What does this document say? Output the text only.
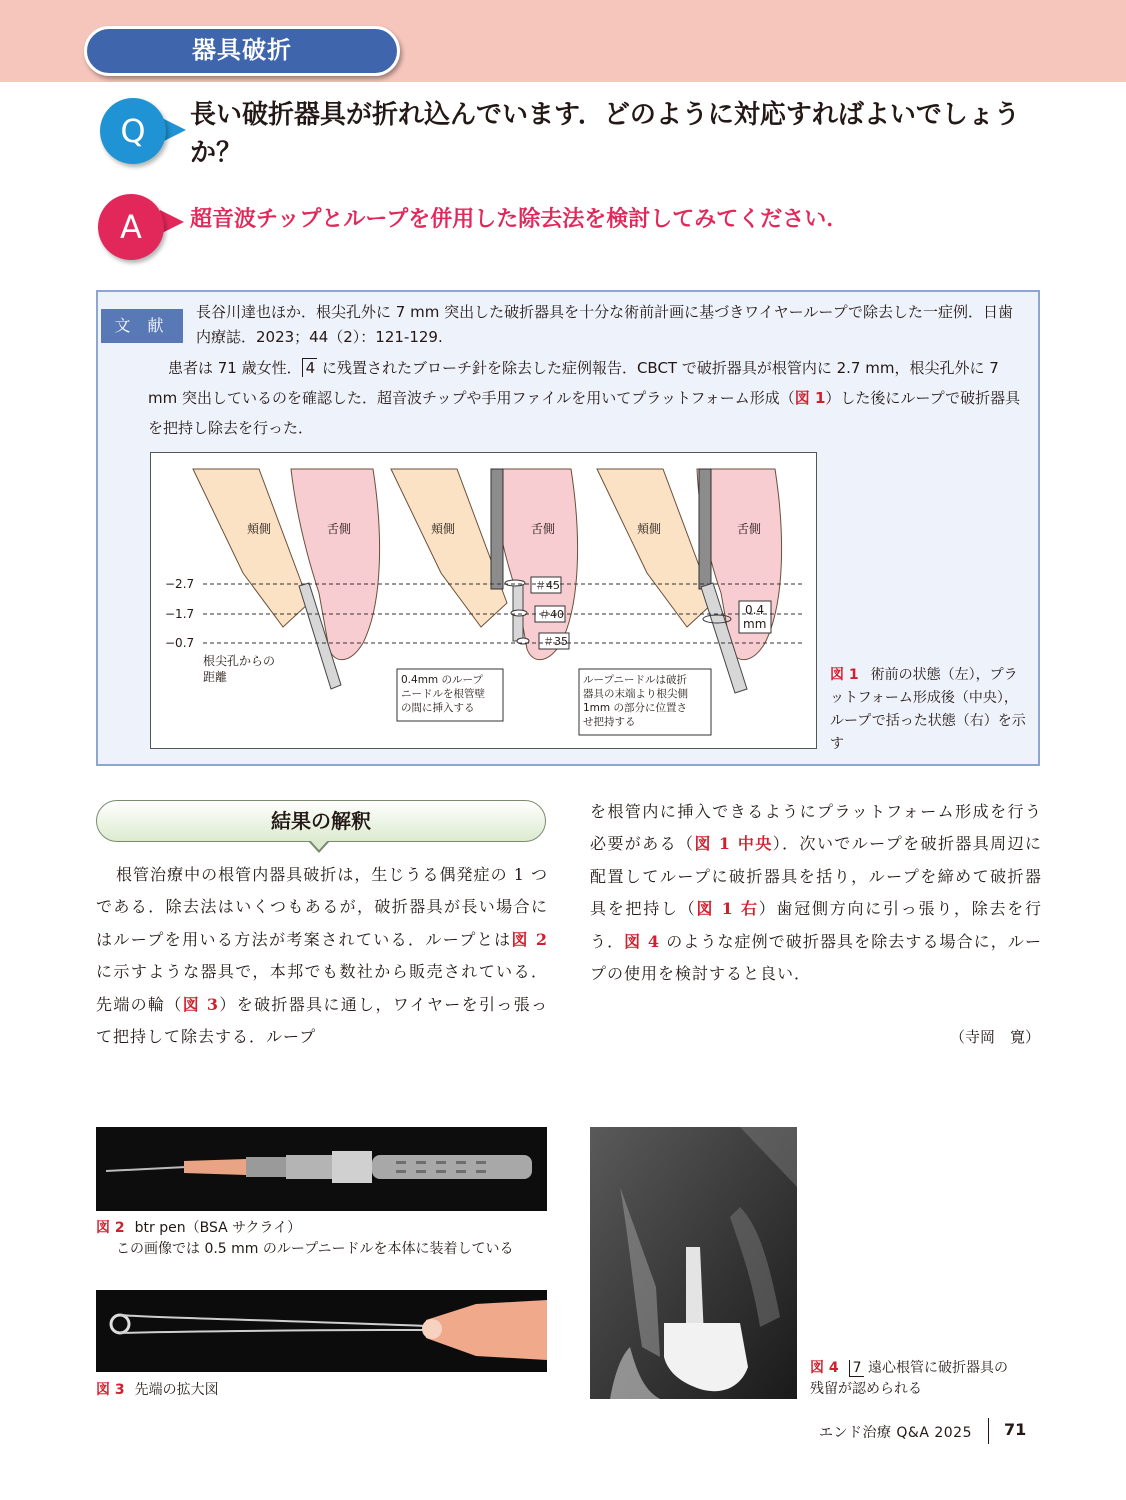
器具破折
Q	長い破折器具が折れ込んでいます．どのように対応すればよいでしょうか？
A	超音波チップとループを併用した除去法を検討してみてください．
文 献
長谷川達也ほか．根尖孔外に 7 mm 突出した破折器具を十分な術前計画に基づきワイヤーループで除去した一症例．日歯内療誌．2023；44（2）：121-129.
患者は 71 歳女性． 4 に残置されたブローチ針を除去した症例報告．CBCT で破折器具が根管内に 2.7 mm，根尖孔外に 7 mm 突出しているのを確認した．超音波チップや手用ファイルを用いてプラットフォーム形成（図 1）した後にループで破折器具を把持し除去を行った．
頬側	舌側	頬側	舌側
＃45
＃40
＃35
頬側	舌側
0.4
mm
−2.7
−1.7
−0.7
根尖孔からの
距離	0.4mm のループ
ニードルを根管壁
の間に挿入する
ループニードルは破折
器具の末端より根尖側
1mm の部分に位置さ
せ把持する
図 1 術前の状態（左），プラットフォーム形成後（中央），ループで括った状態（右）を示す
結果の解釈
根管治療中の根管内器具破折は，生じうる偶発症の 1 つである．除去法はいくつもあるが，破折器具が長い場合にはループを用いる方法が考案されている．ループとは図 2 に示すような器具で，本邦でも数社から販売されている．先端の輪（図 3）を破折器具に通し，ワイヤーを引っ張って把持して除去する．ループ
を根管内に挿入できるようにプラットフォーム形成を行う必要がある（図 1 中央）．次いでループを破折器具周辺に配置してループに破折器具を括り，ループを締めて破折器具を把持し（図 1 右）歯冠側方向に引っ張り，除去を行う．図 4 のような症例で破折器具を除去する場合に，ループの使用を検討すると良い．
（寺岡　寛）
図 2 btr pen（BSA サクライ）
この画像では 0.5 mm のループニードルを本体に装着している
図 3 先端の拡大図
図 4 7 遠心根管に破折器具の
残留が認められる
エンド治療 Q&A 2025 71
